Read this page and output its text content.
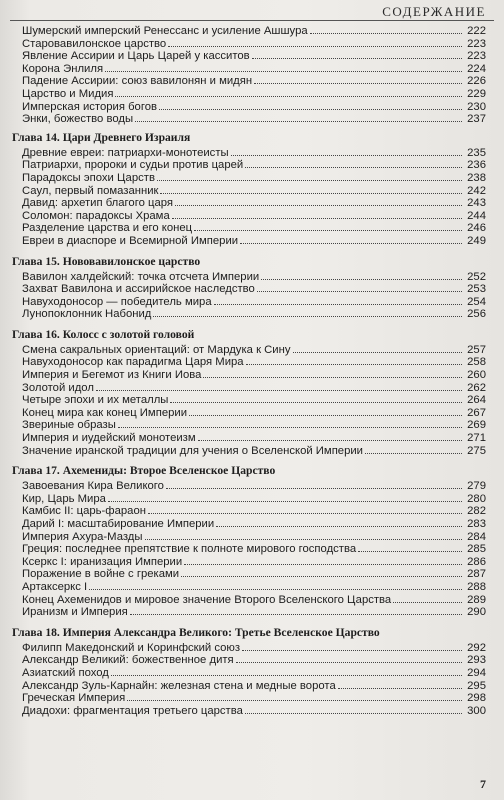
СОДЕРЖАНИЕ
Шумерский имперский Ренессанс и усиление Ашшура	222
Старовавилонское царство	223
Явление Ассирии и Царь Царей у касситов	223
Корона Энлиля	224
Падение Ассирии: союз вавилонян и мидян	226
Царство и Мидия	229
Имперская история богов	230
Энки, божество воды	237
Глава 14. Цари Древнего Израиля
Древние евреи: патриархи-монотеисты	235
Патриархи, пророки и судьи против царей	236
Парадоксы эпохи Царств	238
Саул, первый помазанник	242
Давид: архетип благого царя	243
Соломон: парадоксы Храма	244
Разделение царства и его конец	246
Евреи в диаспоре и Всемирной Империи	249
Глава 15. Нововавилонское царство
Вавилон халдейский: точка отсчета Империи	252
Захват Вавилона и ассирийское наследство	253
Навуходоносор — победитель мира	254
Лунопоклонник Набонид	256
Глава 16. Колосс с золотой головой
Смена сакральных ориентаций: от Мардука к Сину	257
Навуходоносор как парадигма Царя Мира	258
Империя и Бегемот из Книги Иова	260
Золотой идол	262
Четыре эпохи и их металлы	264
Конец мира как конец Империи	267
Звериные образы	269
Империя и иудейский монотеизм	271
Значение иранской традиции для учения о Вселенской Империи	275
Глава 17. Ахемениды: Второе Вселенское Царство
Завоевания Кира Великого	279
Кир, Царь Мира	280
Камбис II: царь-фараон	282
Дарий I: масштабирование Империи	283
Империя Ахура-Мазды	284
Греция: последнее препятствие к полноте мирового господства	285
Ксеркс I: иранизация Империи	286
Поражение в войне с греками	287
Артаксеркс I	288
Конец Ахеменидов и мировое значение Второго Вселенского Царства	289
Иранизм и Империя	290
Глава 18. Империя Александра Великого: Третье Вселенское Царство
Филипп Македонский и Коринфский союз	292
Александр Великий: божественное дитя	293
Азиатский поход	294
Александр Зуль-Карнайн: железная стена и медные ворота	295
Греческая Империя	298
Диадохи: фрагментация третьего царства	300
7
